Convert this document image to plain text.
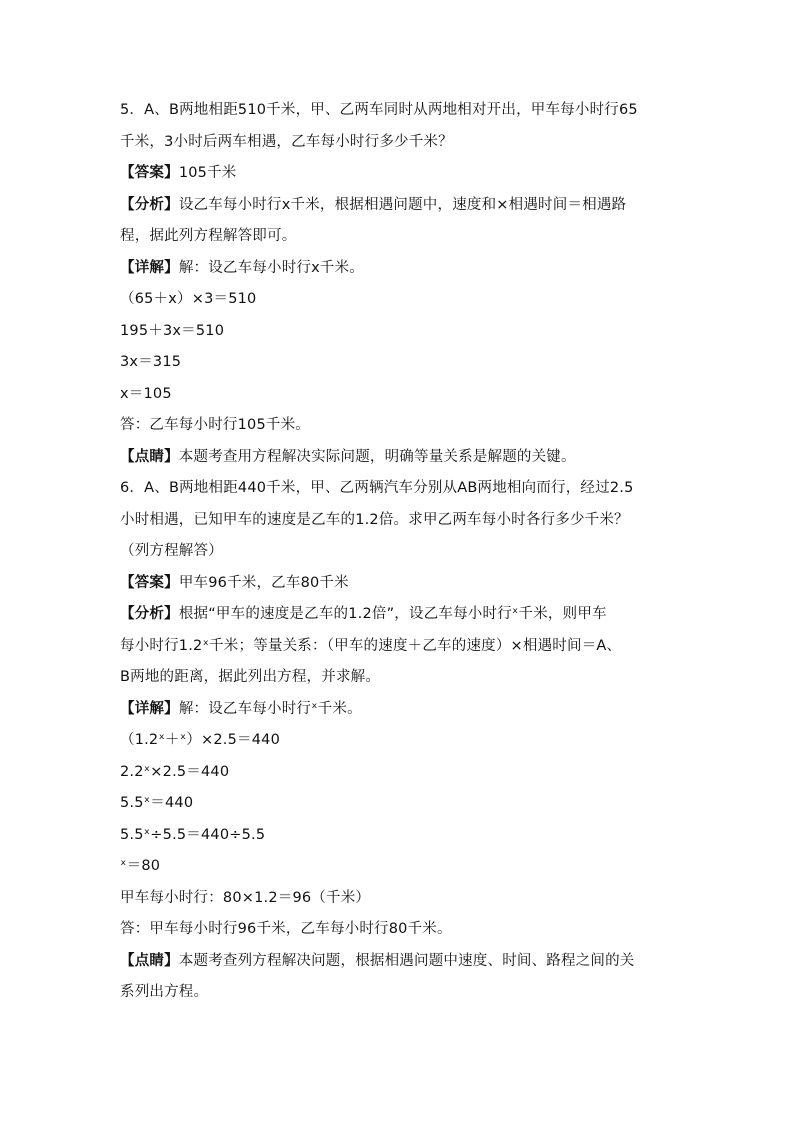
5．A、B两地相距510千米，甲、乙两车同时从两地相对开出，甲车每小时行65
千米，3小时后两车相遇，乙车每小时行多少千米？
【答案】105千米
【分析】设乙车每小时行x千米，根据相遇问题中，速度和×相遇时间＝相遇路
程，据此列方程解答即可。
【详解】解：设乙车每小时行x千米。
（65＋x）×3＝510
195＋3x＝510
3x＝315
x＝105
答：乙车每小时行105千米。
【点睛】本题考查用方程解决实际问题，明确等量关系是解题的关键。
6．A、B两地相距440千米，甲、乙两辆汽车分别从AB两地相向而行，经过2.5
小时相遇，已知甲车的速度是乙车的1.2倍。求甲乙两车每小时各行多少千米？
（列方程解答）
【答案】甲车96千米，乙车80千米
【分析】根据“甲车的速度是乙车的1.2倍”，设乙车每小时行ˣ千米，则甲车
每小时行1.2ˣ千米；等量关系：（甲车的速度＋乙车的速度）×相遇时间＝A、
B两地的距离，据此列出方程，并求解。
【详解】解：设乙车每小时行ˣ千米。
（1.2ˣ＋ˣ）×2.5＝440
2.2ˣ×2.5＝440
5.5ˣ＝440
5.5ˣ÷5.5＝440÷5.5
ˣ＝80
甲车每小时行：80×1.2＝96（千米）
答：甲车每小时行96千米，乙车每小时行80千米。
【点睛】本题考查列方程解决问题，根据相遇问题中速度、时间、路程之间的关
系列出方程。
